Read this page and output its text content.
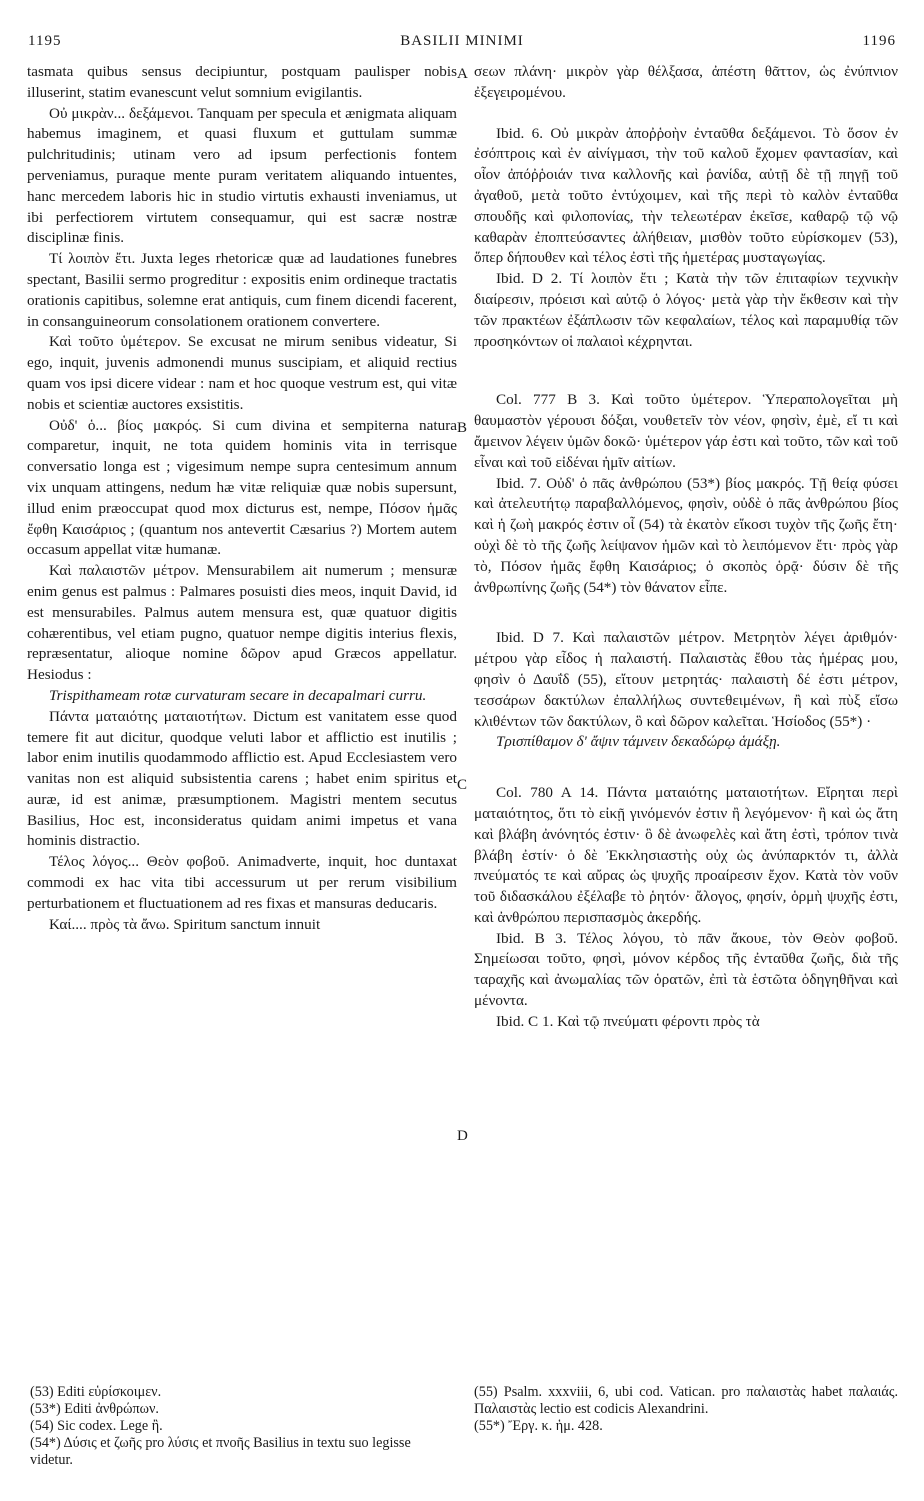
1195	BASILII MINIMI	1196

tasmata quibus sensus decipiuntur, postquam paulisper nobis illuserint, statim evanescunt velut somnium evigilantis.

Οὐ μικρὰν... δεξάμενοι. Tanquam per specula et ænigmata aliquam habemus imaginem, et quasi fluxum et guttulam summæ pulchritudinis; utinam vero ad ipsum perfectionis fontem perveniamus, puraque mente puram veritatem aliquando intuentes, hanc mercedem laboris hic in studio virtutis exhausti inveniamus, ut ibi perfectiorem virtutem consequamur, qui est sacræ nostræ disciplinæ finis.

Τί λοιπὸν ἔτι. Juxta leges rhetoricæ quæ ad laudationes funebres spectant, Basilii sermo progreditur : expositis enim ordineque tractatis orationis capitibus, solemne erat antiquis, cum finem dicendi facerent, in consanguineorum consolationem orationem convertere.

Καὶ τοῦτο ὑμέτερον. Se excusat ne mirum senibus videatur, Si ego, inquit, juvenis admonendi munus suscipiam, et aliquid rectius quam vos ipsi dicere videar : nam et hoc quoque vestrum est, qui vitæ nobis et scientiæ auctores exsistitis.

Οὐδ' ὁ... βίος μακρός. Si cum divina et sempiterna natura comparetur, inquit, ne tota quidem hominis vita in terrisque conversatio longa est ; vigesimum nempe supra centesimum annum vix unquam attingens, nedum hæ vitæ reliquiæ quæ nobis supersunt, illud enim præoccupat quod mox dicturus est, nempe, Πόσον ἡμᾶς ἔφθη Καισάριος ; (quantum nos antevertit Cæsarius ?) Mortem autem occasum appellat vitæ humanæ.

Καὶ παλαιστῶν μέτρον. Mensurabilem ait numerum ; mensuræ enim genus est palmus : Palmares posuisti dies meos, inquit David, id est mensurabiles. Palmus autem mensura est, quæ quatuor digitis cohærentibus, vel etiam pugno, quatuor nempe digitis interius flexis, repræsentatur, alioque nomine δῶρον apud Græcos appellatur. Hesiodus :

Trispithameam rotæ curvaturam secare in decapalmari curru.

Πάντα ματαιότης ματαιοτήτων. Dictum est vanitatem esse quod temere fit aut dicitur, quodque veluti labor et afflictio est inutilis ; labor enim inutilis quodammodo afflictio est. Apud Ecclesiastem vero vanitas non est aliquid subsistentia carens ; habet enim spiritus et auræ, id est animæ, præsumptionem. Magistri mentem secutus Basilius, Hoc est, inconsideratus quidam animi impetus et vana hominis distractio.

Τέλος λόγος... Θεὸν φοβοῦ. Animadverte, inquit, hoc duntaxat commodi ex hac vita tibi accessurum ut per rerum visibilium perturbationem et fluctuationem ad res fixas et mansuras deducaris.

Καί.... πρὸς τὰ ἄνω. Spiritum sanctum innuit

A
B
C
D

σεων πλάνη· μικρὸν γὰρ θέλξασα, ἀπέστη θᾶττον, ὡς ἐνύπνιον ἐξεγειρομένου.

Ibid. 6. Οὐ μικρὰν ἀποῤῥοὴν ἐνταῦθα δεξάμενοι. Τὸ ὅσον ἐν ἐσόπτροις καὶ ἐν αἰνίγμασι, τὴν τοῦ καλοῦ ἔχομεν φαντασίαν, καὶ οἷον ἀπόῤῥοιάν τινα καλλονῆς καὶ ῥανίδα, αὐτῇ δὲ τῇ πηγῇ τοῦ ἀγαθοῦ, μετὰ τοῦτο ἐντύχοιμεν, καὶ τῆς περὶ τὸ καλὸν ἐνταῦθα σπουδῆς καὶ φιλοπονίας, τὴν τελεωτέραν ἐκεῖσε, καθαρῷ τῷ νῷ καθαρὰν ἐποπτεύσαντες ἀλήθειαν, μισθὸν τοῦτο εὑρίσκομεν (53), ὅπερ δήπουθεν καὶ τέλος ἐστὶ τῆς ἡμετέρας μυσταγωγίας.

Ibid. D 2. Τί λοιπὸν ἔτι ; Κατὰ τὴν τῶν ἐπιταφίων τεχνικὴν διαίρεσιν, πρόεισι καὶ αὐτῷ ὁ λόγος· μετὰ γὰρ τὴν ἔκθεσιν καὶ τὴν τῶν πρακτέων ἐξάπλωσιν τῶν κεφαλαίων, τέλος καὶ παραμυθίᾳ τῶν προσηκόντων οἱ παλαιοὶ κέχρηνται.

Col. 777 B 3. Καὶ τοῦτο ὑμέτερον. Ὑπεραπολογεῖται μὴ θαυμαστὸν γέρουσι δόξαι, νουθετεῖν τὸν νέον, φησὶν, ἐμὲ, εἴ τι καὶ ἄμεινον λέγειν ὑμῶν δοκῶ· ὑμέτερον γάρ ἐστι καὶ τοῦτο, τῶν καὶ τοῦ εἶναι καὶ τοῦ εἰδέναι ἡμῖν αἰτίων.

Ibid. 7. Οὐδ' ὁ πᾶς ἀνθρώπου (53*) βίος μακρός. Τῇ θείᾳ φύσει καὶ ἀτελευτήτῳ παραβαλλόμενος, φησὶν, οὐδὲ ὁ πᾶς ἀνθρώπου βίος καὶ ἡ ζωὴ μακρός ἐστιν οἷ (54) τὰ ἑκατὸν εἴκοσι τυχὸν τῆς ζωῆς ἔτη· οὐχὶ δὲ τὸ τῆς ζωῆς λείψανον ἡμῶν καὶ τὸ λειπόμενον ἔτι· πρὸς γὰρ τὸ, Πόσον ἡμᾶς ἔφθη Καισάριος; ὁ σκοπὸς ὁρᾷ· δύσιν δὲ τῆς ἀνθρωπίνης ζωῆς (54*) τὸν θάνατον εἶπε.

Ibid. D 7. Καὶ παλαιστῶν μέτρον. Μετρητὸν λέγει ἀριθμόν· μέτρου γὰρ εἶδος ἡ παλαιστή. Παλαιστὰς ἔθου τὰς ἡμέρας μου, φησὶν ὁ Δαυΐδ (55), εἴτουν μετρητάς· παλαιστὴ δέ ἐστι μέτρον, τεσσάρων δακτύλων ἐπαλλήλως συντεθειμένων, ἢ καὶ πὺξ εἴσω κλιθέντων τῶν δακτύλων, ὃ καὶ δῶρον καλεῖται. Ἡσίοδος (55*) ·

Τρισπίθαμον δ' ἄψιν τάμνειν δεκαδώρῳ ἁμάξῃ.

Col. 780 A 14. Πάντα ματαιότης ματαιοτήτων. Εἴρηται περὶ ματαιότητος, ὅτι τὸ εἰκῇ γινόμενόν ἐστιν ἢ λεγόμενον· ἢ καὶ ὡς ἄτη καὶ βλάβη ἀνόνητός ἐστιν· ὃ δὲ ἀνωφελὲς καὶ ἄτη ἐστὶ, τρόπον τινὰ βλάβη ἐστίν· ὁ δὲ Ἐκκλησιαστὴς οὐχ ὡς ἀνύπαρκτόν τι, ἀλλὰ πνεύματός τε καὶ αὔρας ὡς ψυχῆς προαίρεσιν ἔχον. Κατὰ τὸν νοῦν τοῦ διδασκάλου ἐξέλαβε τὸ ῥητόν· ἄλογος, φησίν, ὁρμὴ ψυχῆς ἐστι, καὶ ἀνθρώπου περισπασμὸς ἀκερδής.

Ibid. B 3. Τέλος λόγου, τὸ πᾶν ἄκουε, τὸν Θεὸν φοβοῦ. Σημείωσαι τοῦτο, φησὶ, μόνον κέρδος τῆς ἐνταῦθα ζωῆς, διὰ τῆς ταραχῆς καὶ ἀνωμαλίας τῶν ὁρατῶν, ἐπὶ τὰ ἑστῶτα ὁδηγηθῆναι καὶ μένοντα.

Ibid. C 1. Καὶ τῷ πνεύματι φέροντι πρὸς τὰ

(53) Editi εὑρίσκοιμεν.

(53*) Editi ἀνθρώπων.

(54) Sic codex. Lege ἢ.

(54*) Δύσις et ζωῆς pro λύσις et πνοῆς Basilius in textu suo legisse videtur.

(55) Psalm. xxxviii, 6, ubi cod. Vatican. pro παλαιστὰς habet παλαιάς. Παλαιστὰς lectio est codicis Alexandrini.

(55*) Ἔργ. κ. ἡμ. 428.
